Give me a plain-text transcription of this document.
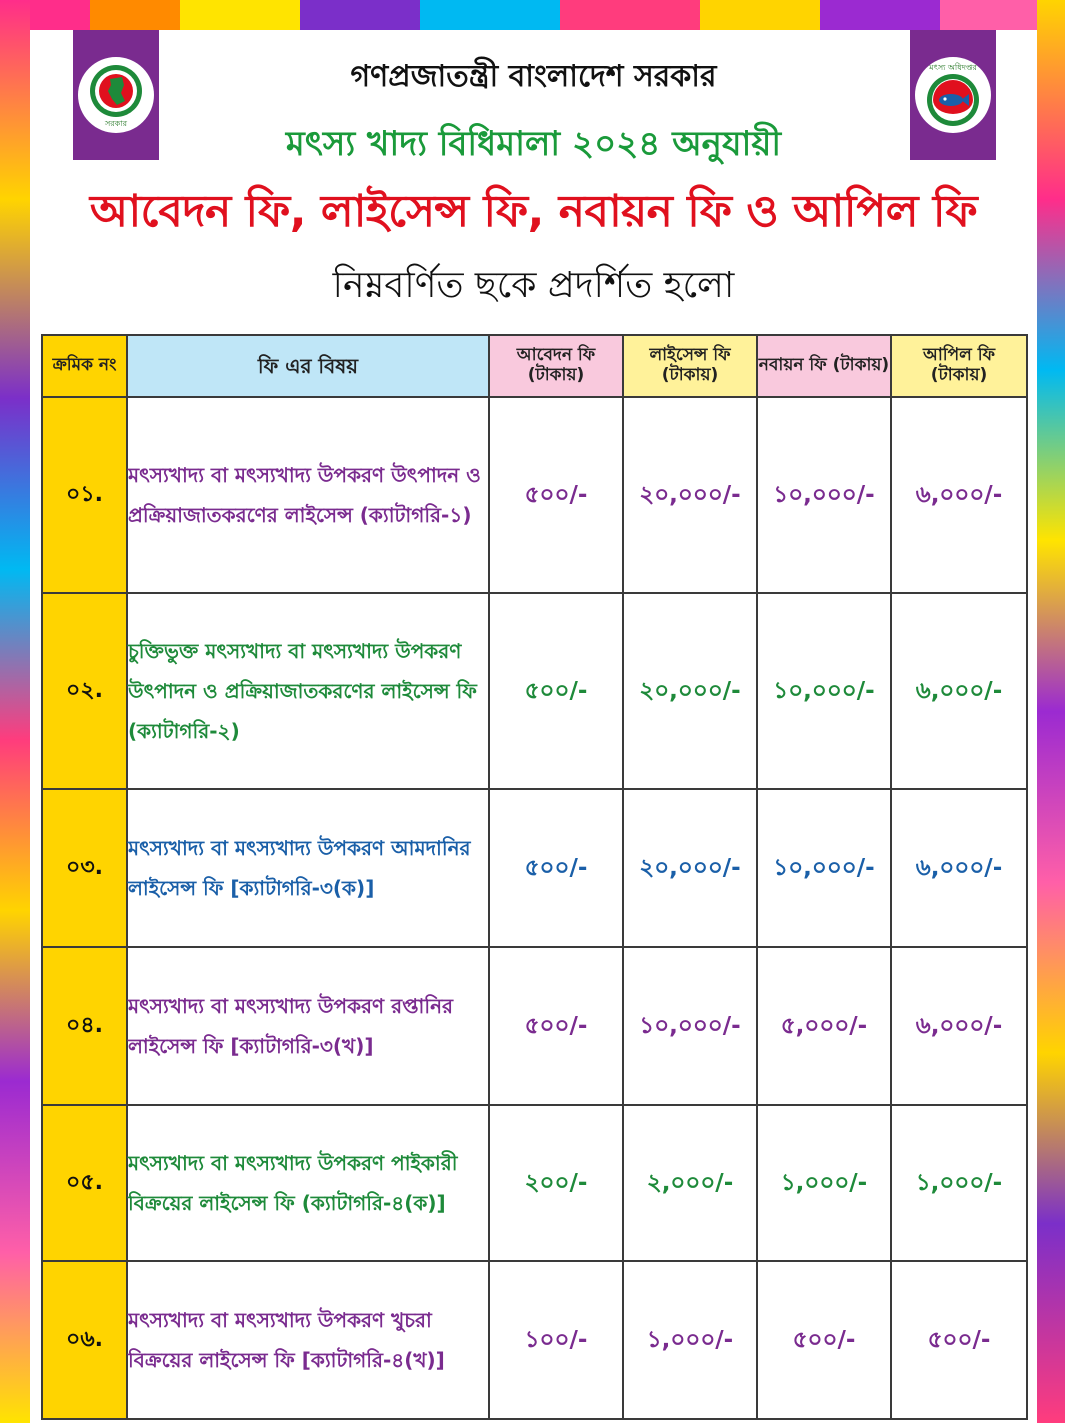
সরকার
মৎস্য অধিদপ্তর
গণপ্রজাতন্ত্রী বাংলাদেশ সরকার
মৎস্য খাদ্য বিধিমালা ২০২৪ অনুযায়ী
আবেদন ফি, লাইসেন্স ফি, নবায়ন ফি ও আপিল ফি
নিম্নবর্ণিত ছকে প্রদর্শিত হলো
ক্রমিক নং	ফি এর বিষয়	আবেদন ফি (টাকায়)	লাইসেন্স ফি (টাকায়)	নবায়ন ফি (টাকায়)	আপিল ফি (টাকায়)
০১.	মৎস্যখাদ্য বা মৎস্যখাদ্য উপকরণ উৎপাদন ও প্রক্রিয়াজাতকরণের লাইসেন্স (ক্যাটাগরি-১)	৫০০/-	২০,০০০/-	১০,০০০/-	৬,০০০/-
০২.	চুক্তিভুক্ত মৎস্যখাদ্য বা মৎস্যখাদ্য উপকরণ উৎপাদন ও প্রক্রিয়াজাতকরণের লাইসেন্স ফি (ক্যাটাগরি-২)	৫০০/-	২০,০০০/-	১০,০০০/-	৬,০০০/-
০৩.	মৎস্যখাদ্য বা মৎস্যখাদ্য উপকরণ আমদানির লাইসেন্স ফি [ক্যাটাগরি-৩(ক)]	৫০০/-	২০,০০০/-	১০,০০০/-	৬,০০০/-
০৪.	মৎস্যখাদ্য বা মৎস্যখাদ্য উপকরণ রপ্তানির লাইসেন্স ফি [ক্যাটাগরি-৩(খ)]	৫০০/-	১০,০০০/-	৫,০০০/-	৬,০০০/-
০৫.	মৎস্যখাদ্য বা মৎস্যখাদ্য উপকরণ পাইকারী বিক্রয়ের লাইসেন্স ফি (ক্যাটাগরি-৪(ক)]	২০০/-	২,০০০/-	১,০০০/-	১,০০০/-
০৬.	মৎস্যখাদ্য বা মৎস্যখাদ্য উপকরণ খুচরা বিক্রয়ের লাইসেন্স ফি [ক্যাটাগরি-৪(খ)]	১০০/-	১,০০০/-	৫০০/-	৫০০/-
